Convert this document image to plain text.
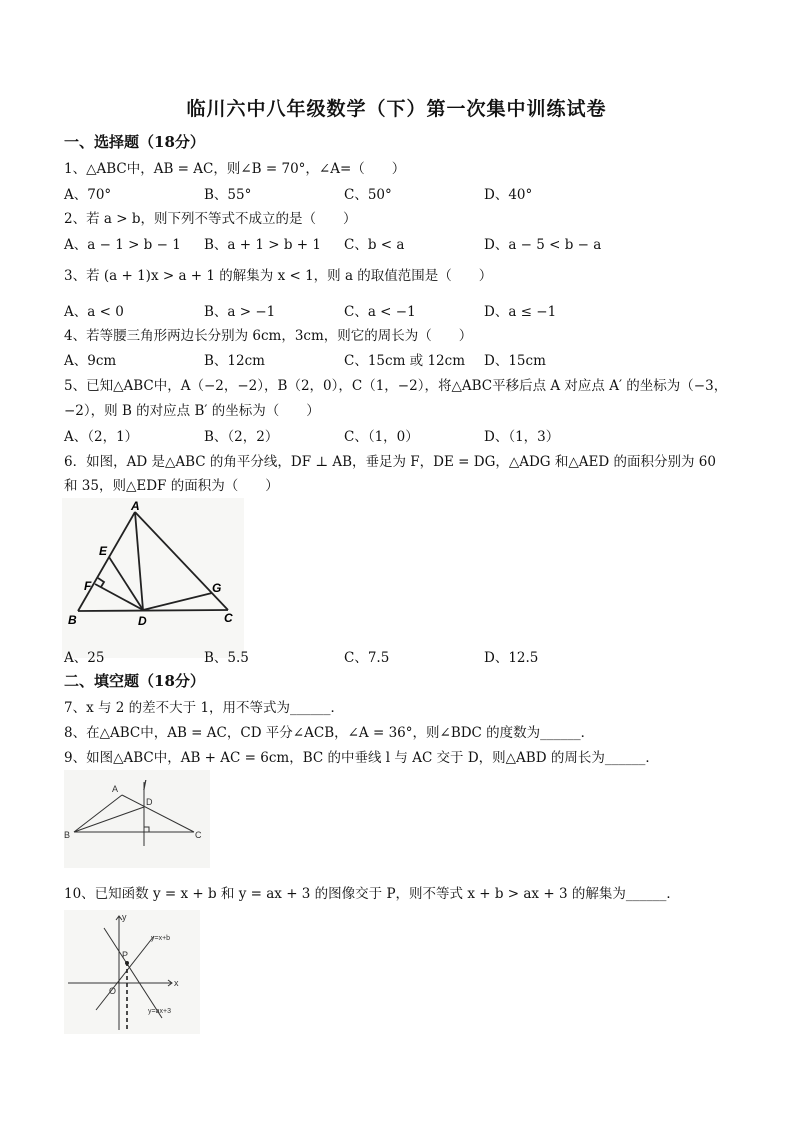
临川六中八年级数学（下）第一次集中训练试卷
一、选择题（18分）
1、△ABC中，AB = AC，则∠B = 70°，∠A=（　　）
A、70°	B、55°	C、50°	D、40°
2、若 a > b，则下列不等式不成立的是（　　）
A、a − 1 > b − 1 B、a + 1 > b + 1 C、b < a	D、a − 5 < b − a
3、若 (a + 1)x > a + 1 的解集为 x < 1，则 a 的取值范围是（　　）
A、a < 0	B、a > −1	C、a < −1	D、a ≤ −1
4、若等腰三角形两边长分别为 6cm，3cm，则它的周长为（　　）
A、9cm	B、12cm	C、15cm 或 12cm D、15cm
5、已知△ABC中，A（−2，−2），B（2，0），C（1，−2），将△ABC平移后点 A 对应点 A′ 的坐标为（−3，
−2），则 B 的对应点 B′ 的坐标为（　　）
A、（2，1）	B、（2，2）	C、（1，0）	D、（1，3）
6．如图，AD 是△ABC 的角平分线，DF ⊥ AB，垂足为 F，DE = DG，△ADG 和△AED 的面积分别为 60
和 35，则△EDF 的面积为（　　）
A
E
F
B	D
G
C
A、25	B、5.5	C、7.5	D、12.5
二、填空题（18分）
7、x 与 2 的差不大于 1，用不等式为______．
8、在△ABC中，AB = AC，CD 平分∠ACB，∠A = 36°，则∠BDC 的度数为______．
9、如图△ABC中，AB + AC = 6cm，BC 的中垂线 l 与 AC 交于 D，则△ABD 的周长为______．
A
D
B	C
l
10、已知函数 y = x + b 和 y = ax + 3 的图像交于 P，则不等式 x + b > ax + 3 的解集为______．
y
x
O
P
y=x+b
y=ax+3
